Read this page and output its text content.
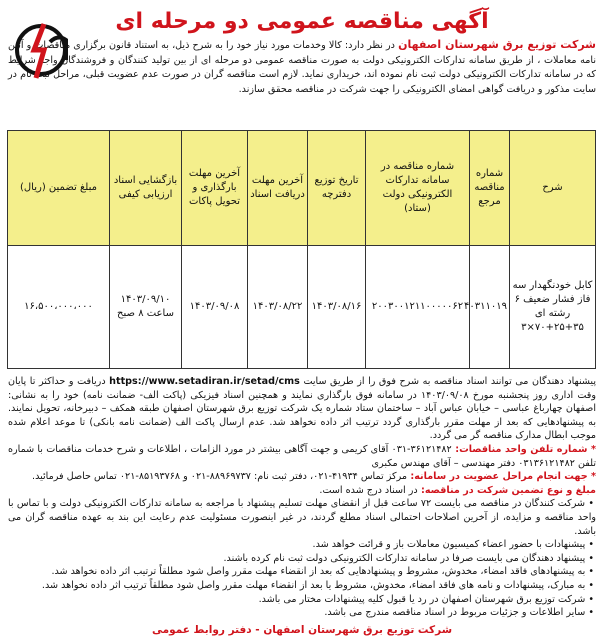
آگهی مناقصه عمومی دو مرحله ای
شرکت توزیع برق شهرستان اصفهان در نظر دارد: کالا وخدمات مورد نیاز خود را به شرح ذیل، به استناد قانون برگزاری مناقصات و آئین نامه معاملات ، از طریق سامانه تدارکات الکترونیکی دولت به صورت مناقصه عمومی دو مرحله ای از بین تولید کنندگان و فروشندگان واجد شرایط که در سامانه تدارکات الکترونیکی دولت ثبت نام نموده اند، خریداری نماید. لازم است مناقصه گران در صورت عدم عضویت قبلی، مراحل ثبت نام در سایت مذکور و دریافت گواهی امضای الکترونیکی را جهت شرکت در مناقصه محقق سازند.
شرح	شماره مناقصه مرجع	شماره مناقصه در سامانه تدارکات الکترونیکی دولت (ستاد)	تاریخ توزیع دفترچه	آخرین مهلت دریافت اسناد	آخرین مهلت بارگذاری و تحویل پاکات	بازگشایی اسناد ارزیابی کیفی	مبلغ تضمین (ریال)
کابل خودنگهدار سه فاز فشار ضعیف ۶ رشته ای ۳۵+۲۵+۷۰×۳	۴۰۳۱۱۰۱۹	۲۰۰۳۰۰۱۲۱۱۰۰۰۰۰۶۲	۱۴۰۳/۰۸/۱۶	۱۴۰۳/۰۸/۲۲	۱۴۰۳/۰۹/۰۸	۱۴۰۳/۰۹/۱۰ ساعت ۸ صبح	۱۶،۵۰۰،۰۰۰،۰۰۰

پیشنهاد دهندگان می توانند اسناد مناقصه به شرح فوق را از طریق سایت https://www.setadiran.ir/setad/cms دریافت و حداکثر تا پایان وقت اداری روز پنجشنبه مورخ ۱۴۰۳/۰۹/۰۸ در سامانه فوق بارگذاری نمایند و همچنین اسناد فیزیکی (پاکت الف- ضمانت نامه) خود را به نشانی: اصفهان چهارباغ عباسی – خیابان عباس آباد – ساختمان ستاد شماره یک شرکت توزیع برق شهرستان اصفهان طبقه همکف – دبیرخانه، تحویل نمایند. به پیشنهادهایی که بعد از مهلت مقرر بارگذاری گردد ترتیب اثر داده نخواهد شد. عدم ارسال پاکت الف (ضمانت نامه بانکی) تا موعد اعلام شده موجب ابطال مدارک مناقصه گر می گردد.

* شماره تلفن واحد مناقصات: ۳۶۱۲۱۴۸۲-۰۳۱ آقای کریمی و جهت آگاهی بیشتر در مورد الزامات ، اطلاعات و شرح خدمات مناقصات با شماره تلفن ۰۳۱۳۶۱۲۱۴۸۲ دفتر مهندسی – آقای مهندس مکبری

* جهت انجام مراحل عضویت در سامانه: مرکز تماس ۴۱۹۳۴-۰۲۱، دفتر ثبت نام: ۸۸۹۶۹۷۳۷-۰۲۱ و ۸۵۱۹۳۷۶۸-۰۲۱ تماس حاصل فرمائید.

مبلغ و نوع تضمین شرکت در مناقصه: در اسناد درج شده است.

• شرکت کنندگان در مناقصه می بایست ۷۲ ساعت قبل از انقضای مهلت تسلیم پیشنهاد با مراجعه به سامانه تدارکات الکترونیکی دولت و با تماس با واحد مناقصه و مزایده، از آخرین اصلاحات احتمالی اسناد مطلع گردند، در غیر اینصورت مسئولیت عدم رعایت این بند به عهده مناقصه گران می باشد.

• پیشنهادات با حضور اعضاء کمیسیون معاملات باز و قرائت خواهد شد.

• پیشنهاد دهندگان می بایست صرفا در سامانه تدارکات الکترونیکی دولت ثبت نام کرده باشند.

• به پیشنهادهای فاقد امضاء، مخدوش، مشروط و پیشنهادهایی که بعد از انقضاء مهلت مقرر واصل شود مطلقاً ترتیب اثر داده نخواهد شد.

• به مبارک، پیشنهادات و نامه های فاقد امضاء، مخدوش، مشروط یا بعد از انقضاء مهلت مقرر واصل شود مطلقاً ترتیب اثر داده نخواهد شد.

• شرکت توزیع برق شهرستان اصفهان در رد یا قبول کلیه پیشنهادات مختار می باشد.

• سایر اطلاعات و جزئیات مربوط در اسناد مناقصه مندرج می باشد.

شرکت توزیع برق شهرستان اصفهان - دفتر روابط عمومی
